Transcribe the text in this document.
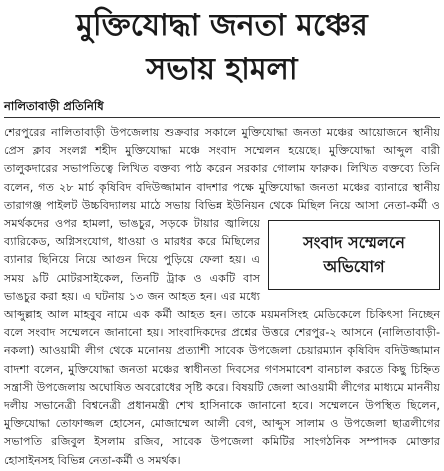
মুক্তিযোদ্ধা জনতা মঞ্চের
সভায় হামলা
নালিতাবাড়ী প্রতিনিধি
সংবাদ সম্মেলনে
অভিযোগ

শেরপুরের নালিতাবাড়ী উপজেলায় শুক্রবার সকালে মুক্তিযোদ্ধা জনতা মঞ্চের আয়োজনে স্থানীয় প্রেস ক্লাব সংলগ্ন শহীদ মুক্তিযোদ্ধা মঞ্চে সংবাদ সম্মেলন হয়েছে। মুক্তিযোদ্ধা আব্দুল বারী তালুকদারের সভাপতিত্বে লিখিত বক্তব্য পাঠ করেন সরকার গোলাম ফারুক। লিখিত বক্তব্যে তিনি বলেন, গত ২৮ মার্চ কৃষিবিদ বদিউজ্জামান বাদশার পক্ষে মুক্তিযোদ্ধা জনতা মঞ্চের ব্যানারে স্থানীয় তারাগঞ্জ পাইলট উচ্চবিদ্যালয় মাঠে সভায় বিভিন্ন ইউনিয়ন থেকে মিছিল নিয়ে আসা নেতা-কর্মী ও সমর্থকদের ওপর হামলা, ভাঙচুর, সড়কে টায়ার জ্বালিয়ে ব্যারিকেড, অগ্নিসংযোগ, ধাওয়া ও মারধর করে মিছিলের ব্যানার ছিনিয়ে নিয়ে আগুন দিয়ে পুড়িয়ে ফেলা হয়। এ সময় ৯টি মোটরসাইকেল, তিনটি ট্রাক ও একটি বাস ভাঙচুর করা হয়। এ ঘটনায় ১৩ জন আহত হন। এর মধ্যে আব্দুল্লাহ আল মাহবুব নামে এক কর্মী আহত হন। তাকে ময়মনসিংহ মেডিকেলে চিকিৎসা নিচ্ছেন বলে সংবাদ সম্মেলনে জানানো হয়। সাংবাদিকদের প্রশ্নের উত্তরে শেরপুর-২ আসনে (নালিতাবাড়ী-নকলা) আওয়ামী লীগ থেকে মনোনয় প্রত্যাশী সাবেক উপজেলা চেয়ারম্যান কৃষিবিদ বদিউজ্জামান বাদশা বলেন, মুক্তিযোদ্ধা জনতা মঞ্চের স্বাধীনতা দিবসের গণসমাবেশ বানচাল করতে কিছু চিহ্নিত সন্ত্রাসী উপজেলায় অঘোষিত অবরোধের সৃষ্টি করে। বিষয়টি জেলা আওয়ামী লীগের মাধ্যমে মাননীয় দলীয় সভানেত্রী বিশ্বনেত্রী প্রধানমন্ত্রী শেখ হাসিনাকে জানানো হবে। সম্মেলনে উপস্থিত ছিলেন, মুক্তিযোদ্ধা তোফাজ্জল হোসেন, মোজাম্মেল আলী বেগ, আব্দুস সালাম ও উপজেলা ছাত্রলীগের সভাপতি রজিবুল ইসলাম রজিব, সাবেক উপজেলা কমিটির সাংগঠনিক সম্পাদক মোক্তার হোসাইনসহ বিভিন্ন নেতা-কর্মী ও সমর্থক।
